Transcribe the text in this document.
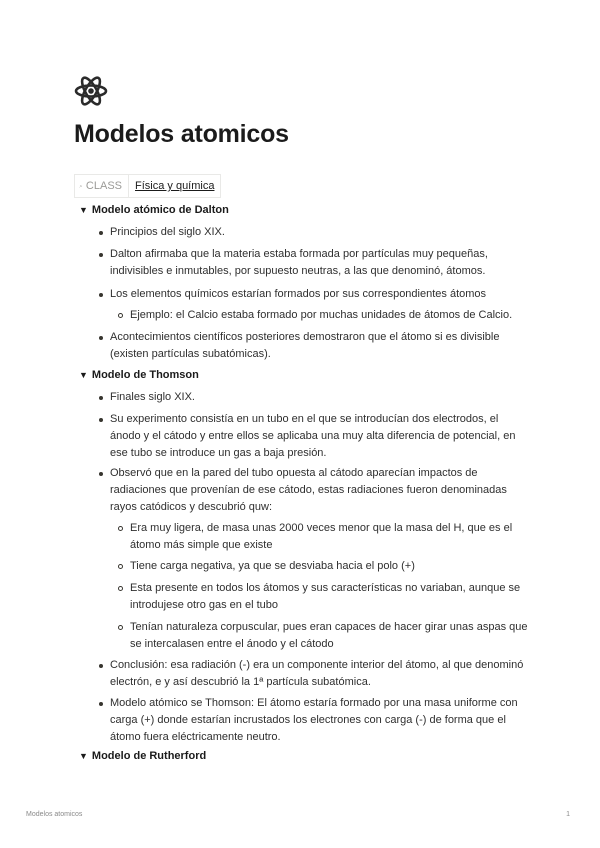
Modelos atomicos
CLASS	Física y química
▼ Modelo atómico de Dalton
Principios del siglo XIX.
Dalton afirmaba que la materia estaba formada por partículas muy pequeñas, indivisibles e inmutables, por supuesto neutras, a las que denominó, átomos.
Los elementos químicos estarían formados por sus correspondientes átomos
Ejemplo: el Calcio estaba formado por muchas unidades de átomos de Calcio.
Acontecimientos científicos posteriores demostraron que el átomo si es divisible (existen partículas subatómicas).
▼ Modelo de Thomson
Finales siglo XIX.
Su experimento consistía en un tubo en el que se introducían dos electrodos, el ánodo y el cátodo y entre ellos se aplicaba una muy alta diferencia de potencial, en ese tubo se introduce un gas a baja presión.
Observó que en la pared del tubo opuesta al cátodo aparecían impactos de radiaciones que provenían de ese cátodo, estas radiaciones fueron denominadas rayos catódicos y descubrió quw:
Era muy ligera, de masa unas 2000 veces menor que la masa del H, que es el átomo más simple que existe
Tiene carga negativa, ya que se desviaba hacia el polo (+)
Esta presente en todos los átomos y sus características no variaban, aunque se introdujese otro gas en el tubo
Tenían naturaleza corpuscular, pues eran capaces de hacer girar unas aspas que se intercalasen entre el ánodo y el cátodo
Conclusión: esa radiación (-) era un componente interior del átomo, al que denominó electrón, e y así descubrió la 1ª partícula subatómica.
Modelo atómico se Thomson: El átomo estaría formado por una masa uniforme con carga (+) donde estarían incrustados los electrones con carga (-) de forma que el átomo fuera eléctricamente neutro.
▼ Modelo de Rutherford
Modelos atomicos	1
